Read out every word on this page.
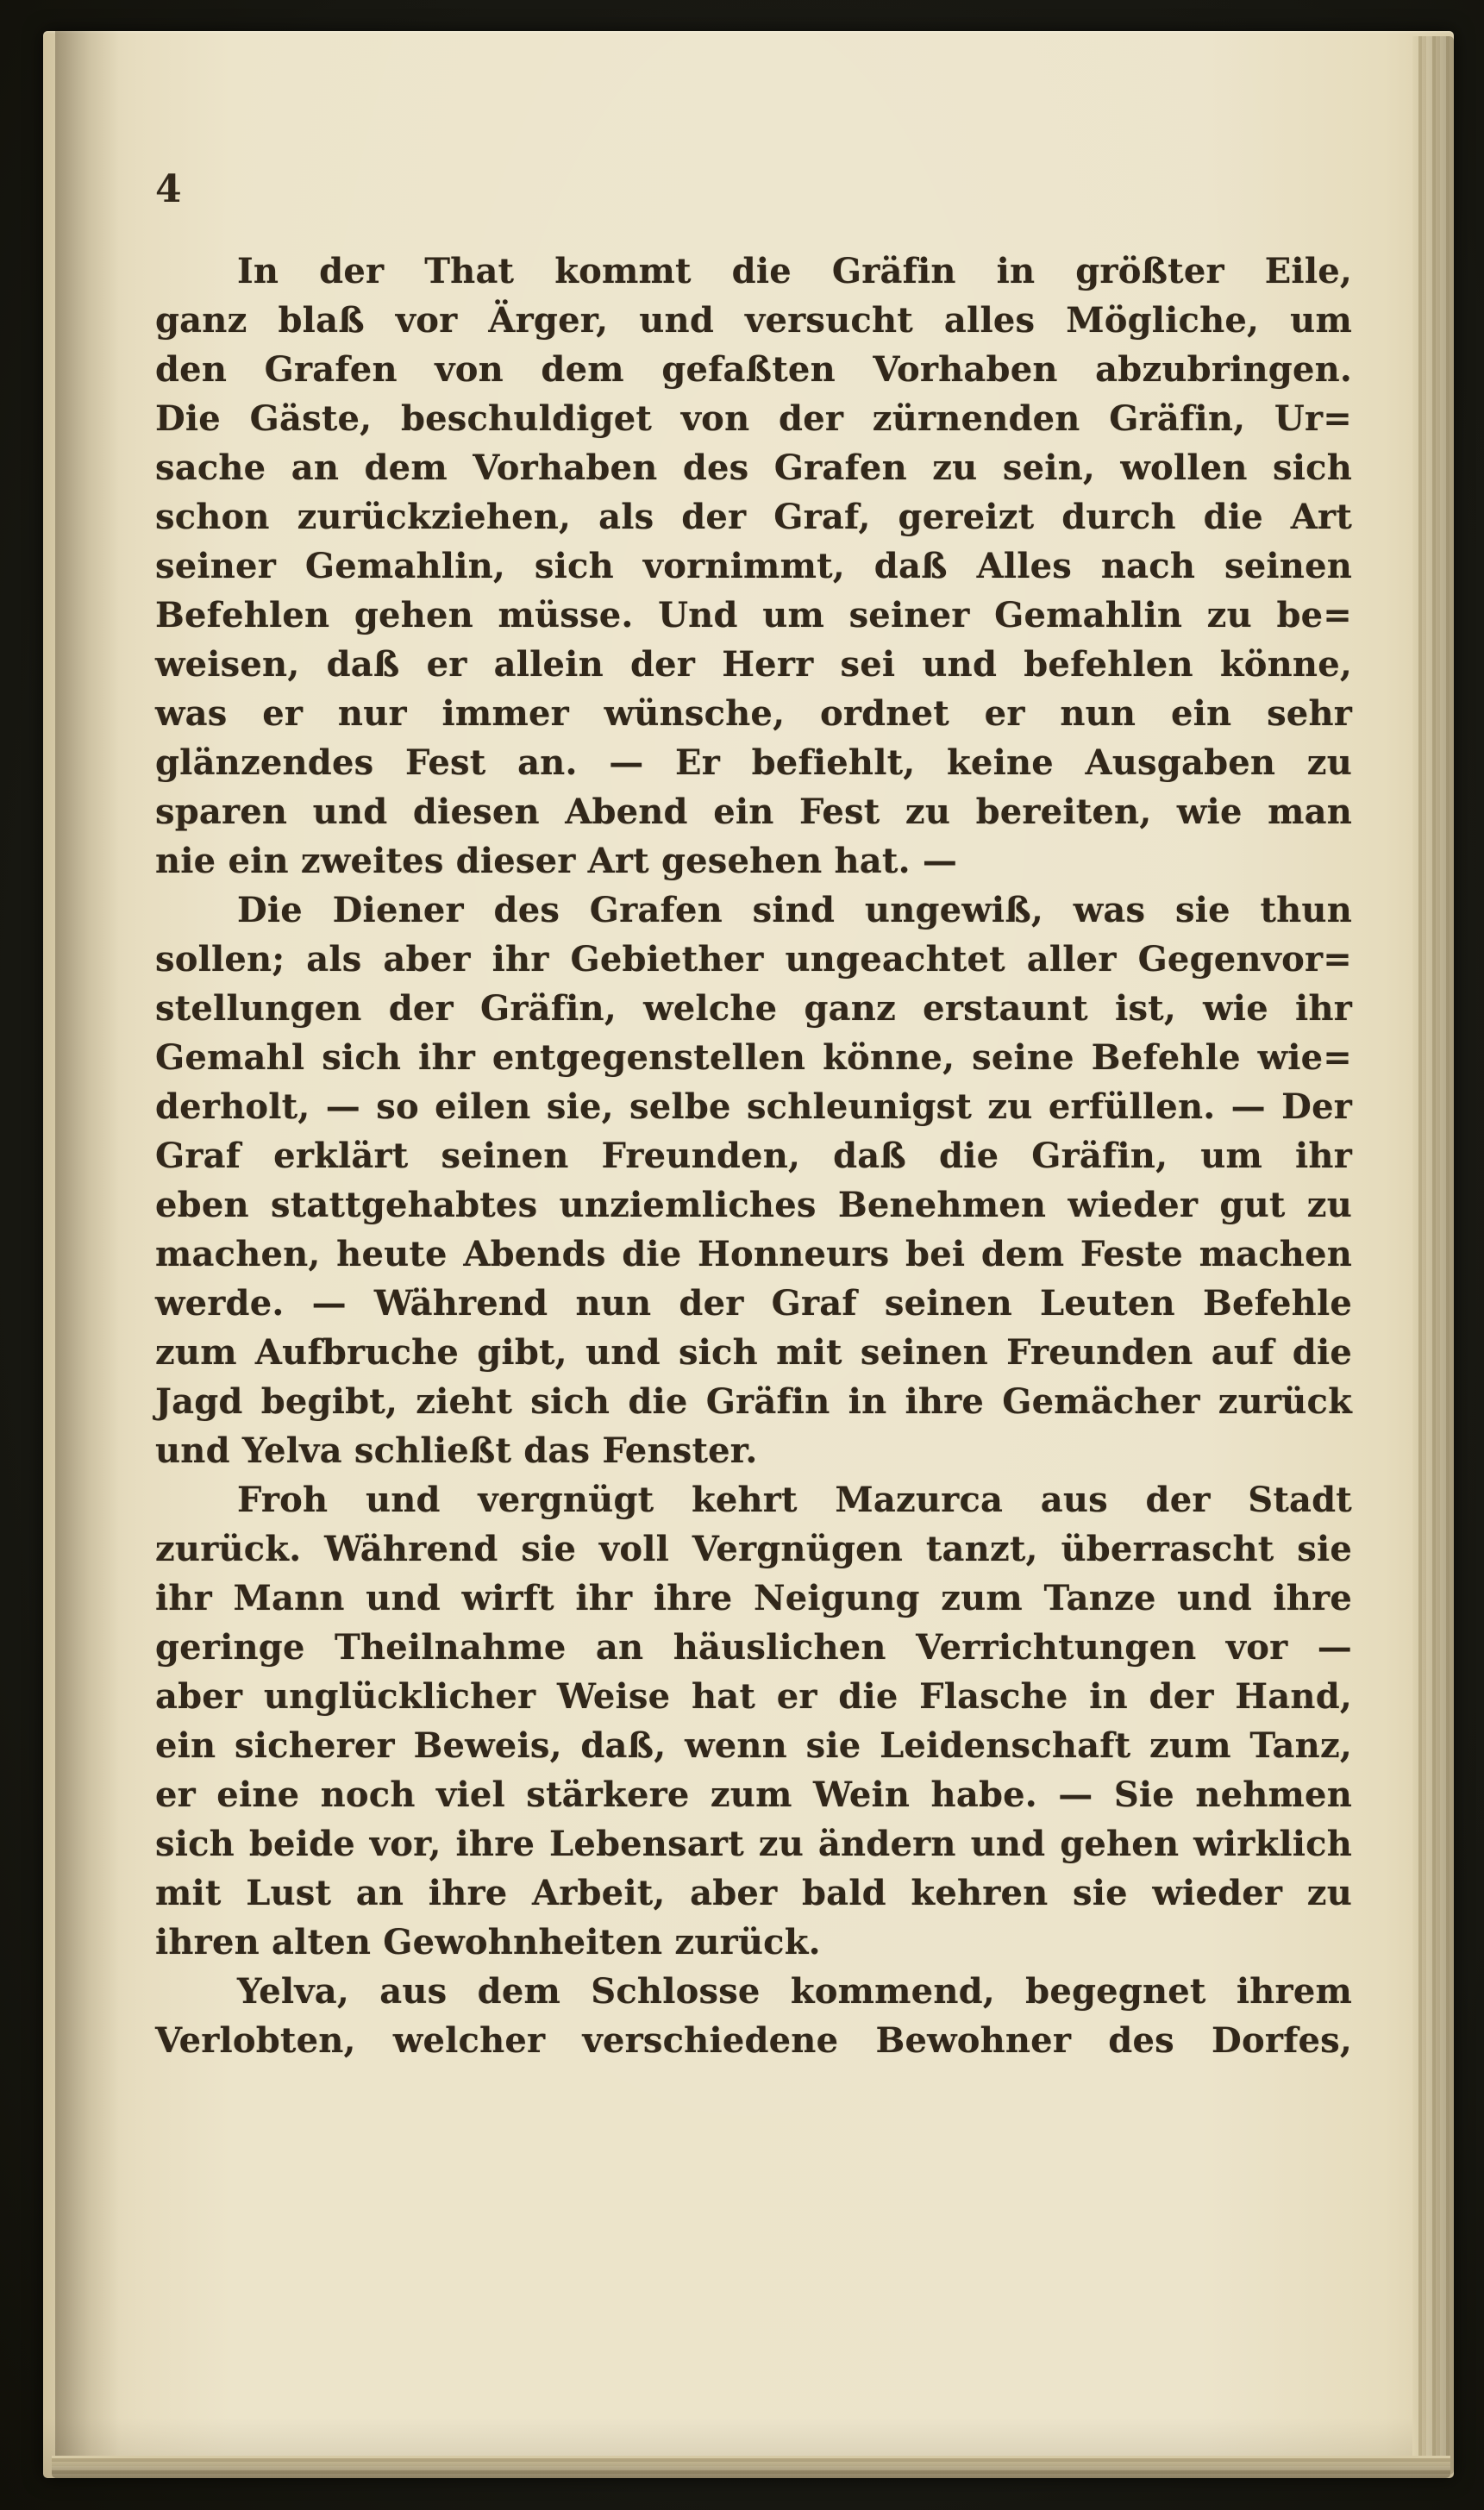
4
In der That kommt die Gräfin in größter Eile,
ganz blaß vor Ärger, und versucht alles Mögliche, um
den Grafen von dem gefaßten Vorhaben abzubringen.
Die Gäste, beschuldiget von der zürnenden Gräfin, Ur=
sache an dem Vorhaben des Grafen zu sein, wollen sich
schon zurückziehen, als der Graf, gereizt durch die Art
seiner Gemahlin, sich vornimmt, daß Alles nach seinen
Befehlen gehen müsse. Und um seiner Gemahlin zu be=
weisen, daß er allein der Herr sei und befehlen könne,
was er nur immer wünsche, ordnet er nun ein sehr
glänzendes Fest an. — Er befiehlt, keine Ausgaben zu
sparen und diesen Abend ein Fest zu bereiten, wie man
nie ein zweites dieser Art gesehen hat. —
Die Diener des Grafen sind ungewiß, was sie thun
sollen; als aber ihr Gebiether ungeachtet aller Gegenvor=
stellungen der Gräfin, welche ganz erstaunt ist, wie ihr
Gemahl sich ihr entgegenstellen könne, seine Befehle wie=
derholt, — so eilen sie, selbe schleunigst zu erfüllen. — Der
Graf erklärt seinen Freunden, daß die Gräfin, um ihr
eben stattgehabtes unziemliches Benehmen wieder gut zu
machen, heute Abends die Honneurs bei dem Feste machen
werde. — Während nun der Graf seinen Leuten Befehle
zum Aufbruche gibt, und sich mit seinen Freunden auf die
Jagd begibt, zieht sich die Gräfin in ihre Gemächer zurück
und Yelva schließt das Fenster.
Froh und vergnügt kehrt Mazurca aus der Stadt
zurück. Während sie voll Vergnügen tanzt, überrascht sie
ihr Mann und wirft ihr ihre Neigung zum Tanze und ihre
geringe Theilnahme an häuslichen Verrichtungen vor —
aber unglücklicher Weise hat er die Flasche in der Hand,
ein sicherer Beweis, daß, wenn sie Leidenschaft zum Tanz,
er eine noch viel stärkere zum Wein habe. — Sie nehmen
sich beide vor, ihre Lebensart zu ändern und gehen wirklich
mit Lust an ihre Arbeit, aber bald kehren sie wieder zu
ihren alten Gewohnheiten zurück.
Yelva, aus dem Schlosse kommend, begegnet ihrem
Verlobten, welcher verschiedene Bewohner des Dorfes,
